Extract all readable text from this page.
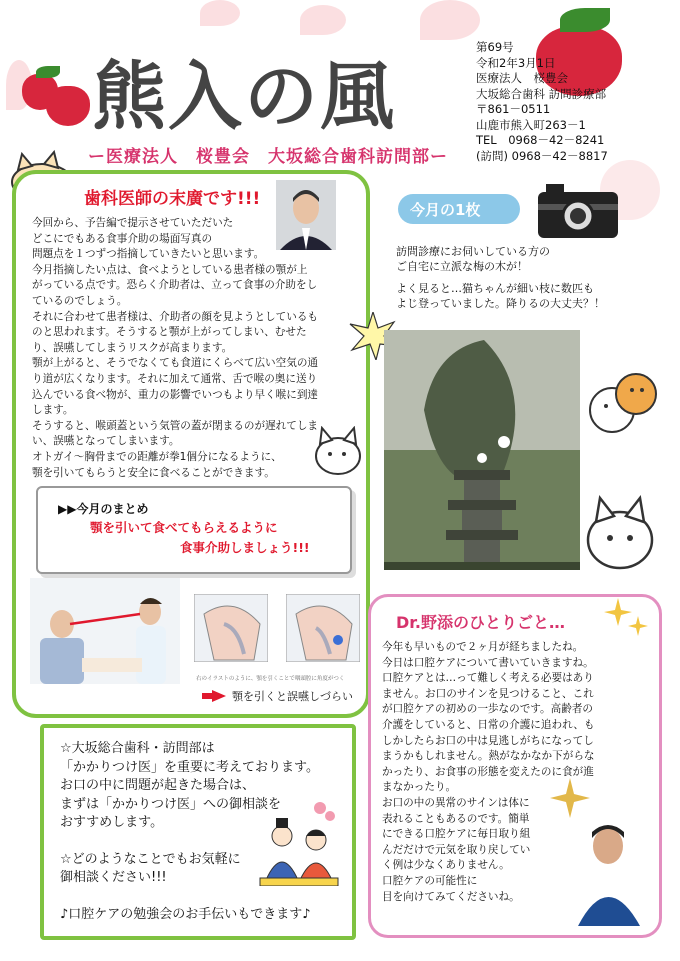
熊入の風
ー医療法人　桜豊会　大坂総合歯科訪問部ー
第69号
令和2年3月1日
医療法人　桜豊会
大坂総合歯科 訪問診療部
〒861－0511
山鹿市熊入町263－1
TEL　0968－42－8241
(訪問) 0968－42－8817
歯科医師の末廣です!!!
今回から、予告編で提示させていただいた
どこにでもある食事介助の場面写真の
問題点を１つずつ指摘していきたいと思います。
今月指摘したい点は、食べようとしている患者様の顎が上
がっている点です。恐らく介助者は、立って食事の介助をし
ているのでしょう。
それに合わせて患者様は、介助者の顔を見ようとしているも
のと思われます。そうすると顎が上がってしまい、むせた
り、誤嚥してしまうリスクが高まります。
顎が上がると、そうでなくても食道にくらべて広い空気の通
り道が広くなります。それに加えて通常、舌で喉の奥に送り
込んでいる食べ物が、重力の影響でいつもより早く喉に到達
します。
そうすると、喉頭蓋という気管の蓋が閉まるのが遅れてしま
い、誤嚥となってしまいます。
オトガイ～胸骨までの距離が拳1個分になるように、
顎を引いてもらうと安全に食べることができます。
▶▶今月のまとめ
顎を引いて食べてもらえるように
食事介助しましょう!!!
右のイラストのように、顎を引くことで咽頭腔に角度がつく
顎を引くと誤嚥しづらい
今月の1枚
訪問診療にお伺いしている方の
ご自宅に立派な梅の木が！
よく見ると…猫ちゃんが細い枝に数匹も
よじ登っていました。降りるの大丈夫？！
Dr.野添のひとりごと…
今年も早いもので２ヶ月が経ちましたね。
今日は口腔ケアについて書いていきますね。
口腔ケアとは…って難しく考える必要はあり
ません。お口のサインを見つけること、これ
が口腔ケアの初めの一歩なのです。高齢者の
介護をしていると、日常の介護に追われ、も
しかしたらお口の中は見逃しがちになってし
まうかもしれません。熱がなかなか下がらな
かったり、お食事の形態を変えたのに食が進
まなかったり。
お口の中の異常のサインは体に
表れることもあるのです。簡単
にできる口腔ケアに毎日取り組
んだだけで元気を取り戻してい
く例は少なくありません。
口腔ケアの可能性に
目を向けてみてくださいね。
☆大坂総合歯科・訪問部は
「かかりつけ医」を重要に考えております。
お口の中に問題が起きた場合は、
まずは「かかりつけ医」への御相談を
おすすめします。
☆どのようなことでもお気軽に
御相談ください!!!
♪口腔ケアの勉強会のお手伝いもできます♪
